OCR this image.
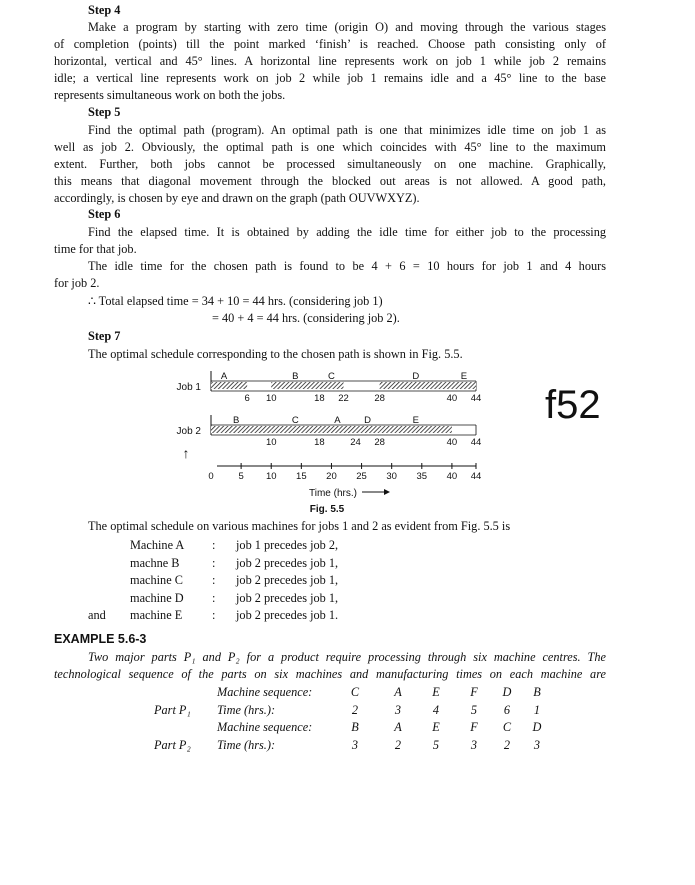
Step 4
Make a program by starting with zero time (origin O) and moving through the various stages
of completion (points) till the point marked ‘finish’ is reached. Choose path consisting only of
horizontal, vertical and 45° lines. A horizontal line represents work on job 1 while job 2 remains
idle; a vertical line represents work on job 2 while job 1 remains idle and a 45° line to the base
represents simultaneous work on both the jobs.
Step 5
Find the optimal path (program). An optimal path is one that minimizes idle time on job 1 as
well as job 2. Obviously, the optimal path is one which coincides with 45° line to the maximum
extent. Further, both jobs cannot be processed simultaneously on one machine. Graphically,
this means that diagonal movement through the blocked out areas is not allowed. A good path,
accordingly, is chosen by eye and drawn on the graph (path OUVWXYZ).
Step 6
Find the elapsed time. It is obtained by adding the idle time for either job to the processing
time for that job.
The idle time for the chosen path is found to be 4 + 6 = 10 hours for job 1 and 4 hours
for job 2.
∴ Total elapsed time = 34 + 10 = 44 hrs. (considering job 1)
= 40 + 4 = 44 hrs. (considering job 2).
Step 7
The optimal schedule corresponding to the chosen path is shown in Fig. 5.5.
A	B	C	D	E
6 10	18 22	28	40 44
Job 1
B	C	A D	E
10	18	24 28	40 44
Job 2
↑
0	5 10 15 20 25 30 35 40 44
Time (hrs.)
Fig. 5.5
f52
The optimal schedule on various machines for jobs 1 and 2 as evident from Fig. 5.5 is
Machine A : job 1 precedes job 2,
machne B	: job 2 precedes job 1,
machine C : job 2 precedes job 1,
machine D : job 2 precedes job 1,
and machine E : job 2 precedes job 1.
EXAMPLE 5.6-3
Two major parts P₁ and P₂ for a product require processing through six machine centres. The
technological sequence of the parts on six machines and manufacturing times on each machine are
Machine sequence:	C	A E F D B
Part P₁ Time (hrs.):	2	3	4	5	6	1
Machine sequence:	B	A E F C D
Part P₂ Time (hrs.):	3	2	5	3	2	3
